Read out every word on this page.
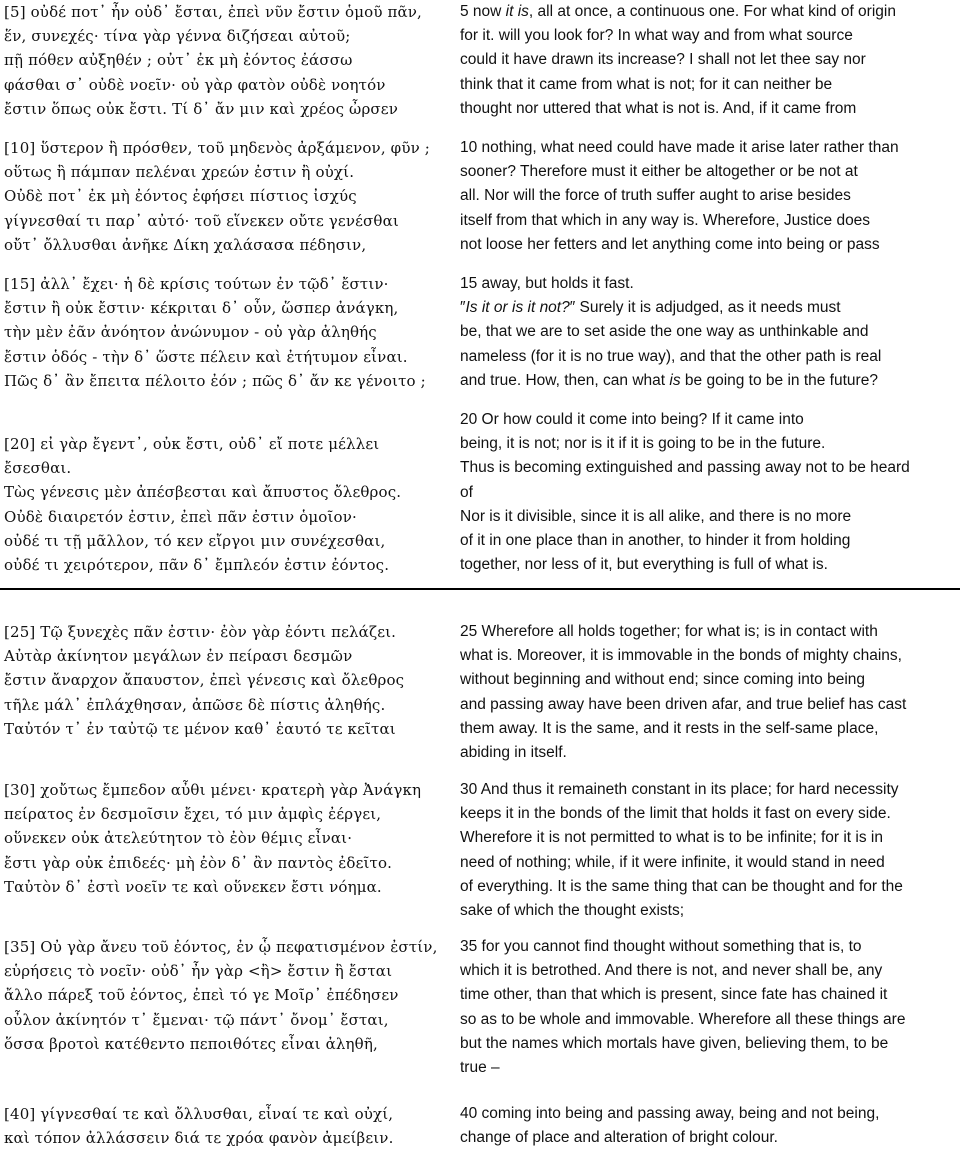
[5] οὐδέ ποτ᾽ ἦν οὐδ᾽ ἔσται, ἐπεὶ νῦν ἔστιν ὁμοῦ πᾶν,
ἕν, συνεχές· τίνα γὰρ γέννα διζήσεαι αὐτοῦ;
πῇ πόθεν αὐξηθέν ; οὐτ᾽ ἐκ μὴ ἐόντος ἐάσσω
φάσθαι σ᾽ οὐδὲ νοεῖν· οὐ γὰρ φατὸν οὐδὲ νοητόν
ἔστιν ὅπως οὐκ ἔστι. Τί δ᾽ ἄν μιν καὶ χρέος ὦρσεν
5 now it is, all at once, a continuous one. For what kind of origin
for it. will you look for? In what way and from what source
could it have drawn its increase? I shall not let thee say nor
think that it came from what is not; for it can neither be
thought nor uttered that what is not is. And, if it came from
[10] ὕστερον ἢ πρόσθεν, τοῦ μηδενὸς ἀρξάμενον, φῦν ;
οὕτως ἢ πάμπαν πελέναι χρεών ἐστιν ἢ οὐχί.
Οὐδὲ ποτ᾽ ἐκ μὴ ἐόντος ἐφήσει πίστιος ἰσχύς
γίγνεσθαί τι παρ᾽ αὐτό· τοῦ εἵνεκεν οὔτε γενέσθαι
οὔτ᾽ ὄλλυσθαι ἀνῆκε Δίκη χαλάσασα πέδησιν,
10 nothing, what need could have made it arise later rather than
sooner? Therefore must it either be altogether or be not at
all. Nor will the force of truth suffer aught to arise besides
itself from that which in any way is. Wherefore, Justice does
not loose her fetters and let anything come into being or pass
[15] ἀλλ᾽ ἔχει· ἡ δὲ κρίσις τούτων ἐν τῷδ᾽ ἔστιν·
ἔστιν ἢ οὐκ ἔστιν· κέκριται δ᾽ οὖν, ὥσπερ ἀνάγκη,
τὴν μὲν ἐᾶν ἀνόητον ἀνώνυμον - οὐ γὰρ ἀληθής
ἔστιν ὁδός - τὴν δ᾽ ὥστε πέλειν καὶ ἐτήτυμον εἶναι.
Πῶς δ᾽ ἂν ἔπειτα πέλοιτο ἐόν ; πῶς δ᾽ ἄν κε γένοιτο ;
15 away, but holds it fast.
″Is it or is it not?″ Surely it is adjudged, as it needs must
be, that we are to set aside the one way as unthinkable and
nameless (for it is no true way), and that the other path is real
and true. How, then, can what is be going to be in the future?
[20] εἰ γὰρ ἔγεντ᾽, οὐκ ἔστι, οὐδ᾽ εἴ ποτε μέλλει
ἔσεσθαι.
Τὼς γένεσις μὲν ἀπέσβεσται καὶ ἄπυστος ὄλεθρος.
Οὐδὲ διαιρετόν ἐστιν, ἐπεὶ πᾶν ἐστιν ὁμοῖον·
οὐδέ τι τῇ μᾶλλον, τό κεν εἴργοι μιν συνέχεσθαι,
οὐδέ τι χειρότερον, πᾶν δ᾽ ἔμπλεόν ἐστιν ἐόντος.
20 Or how could it come into being? If it came into
being, it is not; nor is it if it is going to be in the future.
Thus is becoming extinguished and passing away not to be heard
of
Nor is it divisible, since it is all alike, and there is no more
of it in one place than in another, to hinder it from holding
together, nor less of it, but everything is full of what is.
[25] Τῷ ξυνεχὲς πᾶν ἐστιν· ἐὸν γὰρ ἐόντι πελάζει.
Αὐτὰρ ἀκίνητον μεγάλων ἐν πείρασι δεσμῶν
ἔστιν ἄναρχον ἄπαυστον, ἐπεὶ γένεσις καὶ ὄλεθρος
τῆλε μάλ᾽ ἐπλάχθησαν, ἀπῶσε δὲ πίστις ἀληθής.
Ταὐτόν τ᾽ ἐν ταὐτῷ τε μένον καθ᾽ ἑαυτό τε κεῖται
25 Wherefore all holds together; for what is; is in contact with
what is. Moreover, it is immovable in the bonds of mighty chains,
without beginning and without end; since coming into being
and passing away have been driven afar, and true belief has cast
them away. It is the same, and it rests in the self-same place,
abiding in itself.
[30] χοὔτως ἔμπεδον αὖθι μένει· κρατερὴ γὰρ Ἀνάγκη
πείρατος ἐν δεσμοῖσιν ἔχει, τό μιν ἀμφὶς ἐέργει,
οὕνεκεν οὐκ ἀτελεύτητον τὸ ἐὸν θέμις εἶναι·
ἔστι γὰρ οὐκ ἐπιδεές· μὴ ἐὸν δ᾽ ἂν παντὸς ἐδεῖτο.
Ταὐτὸν δ᾽ ἐστὶ νοεῖν τε καὶ οὕνεκεν ἔστι νόημα.
30 And thus it remaineth constant in its place; for hard necessity
keeps it in the bonds of the limit that holds it fast on every side.
Wherefore it is not permitted to what is to be infinite; for it is in
need of nothing; while, if it were infinite, it would stand in need
of everything. It is the same thing that can be thought and for the
sake of which the thought exists;
[35] Οὐ γὰρ ἄνευ τοῦ ἐόντος, ἐν ᾧ πεφατισμένον ἐστίν,
εὑρήσεις τὸ νοεῖν· οὐδ᾽ ἦν γὰρ <ἢ> ἔστιν ἢ ἔσται
ἄλλο πάρεξ τοῦ ἐόντος, ἐπεὶ τό γε Μοῖρ᾽ ἐπέδησεν
οὖλον ἀκίνητόν τ᾽ ἔμεναι· τῷ πάντ᾽ ὄνομ᾽ ἔσται,
ὅσσα βροτοὶ κατέθεντο πεποιθότες εἶναι ἀληθῆ,
35 for you cannot find thought without something that is, to
which it is betrothed. And there is not, and never shall be, any
time other, than that which is present, since fate has chained it
so as to be whole and immovable. Wherefore all these things are
but the names which mortals have given, believing them, to be
true –
[40] γίγνεσθαί τε καὶ ὄλλυσθαι, εἶναί τε καὶ οὐχί,
καὶ τόπον ἀλλάσσειν διά τε χρόα φανὸν ἀμείβειν.
40 coming into being and passing away, being and not being,
change of place and alteration of bright colour.
